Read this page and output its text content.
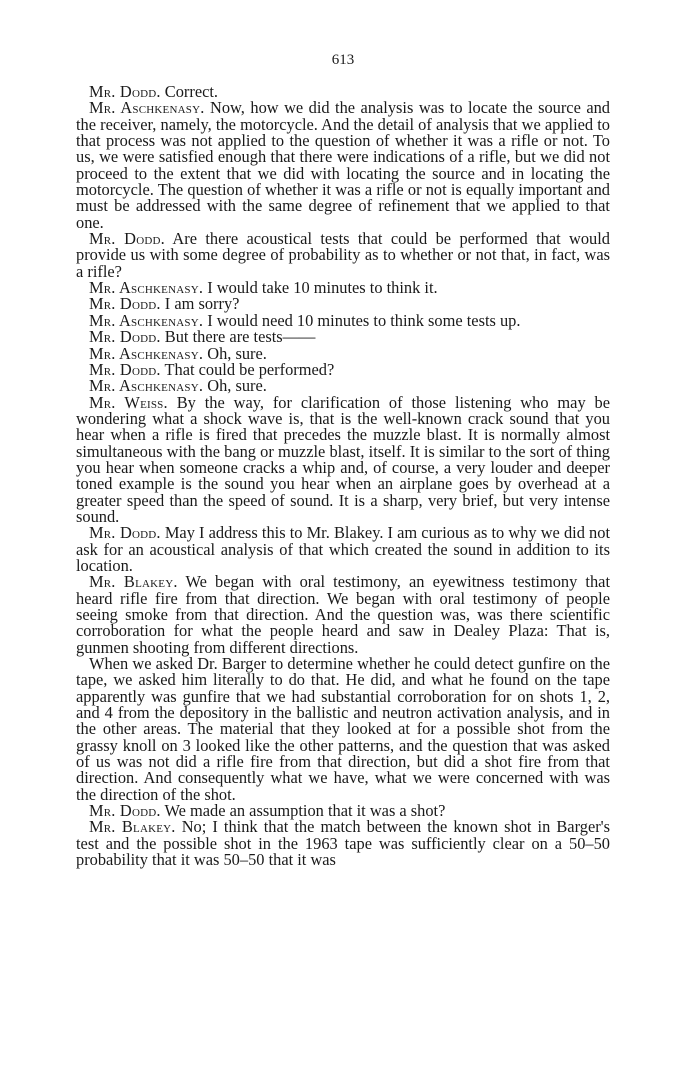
613

Mr. Dodd. Correct.

Mr. Aschkenasy. Now, how we did the analysis was to locate the source and the receiver, namely, the motorcycle. And the detail of analysis that we applied to that process was not applied to the question of whether it was a rifle or not. To us, we were satisfied enough that there were indications of a rifle, but we did not proceed to the extent that we did with locating the source and in locating the motorcycle. The question of whether it was a rifle or not is equally important and must be addressed with the same degree of refinement that we applied to that one.

Mr. Dodd. Are there acoustical tests that could be performed that would provide us with some degree of probability as to whether or not that, in fact, was a rifle?

Mr. Aschkenasy. I would take 10 minutes to think it.

Mr. Dodd. I am sorry?

Mr. Aschkenasy. I would need 10 minutes to think some tests up.

Mr. Dodd. But there are tests——

Mr. Aschkenasy. Oh, sure.

Mr. Dodd. That could be performed?

Mr. Aschkenasy. Oh, sure.

Mr. Weiss. By the way, for clarification of those listening who may be wondering what a shock wave is, that is the well-known crack sound that you hear when a rifle is fired that precedes the muzzle blast. It is normally almost simultaneous with the bang or muzzle blast, itself. It is similar to the sort of thing you hear when someone cracks a whip and, of course, a very louder and deeper toned example is the sound you hear when an airplane goes by overhead at a greater speed than the speed of sound. It is a sharp, very brief, but very intense sound.

Mr. Dodd. May I address this to Mr. Blakey. I am curious as to why we did not ask for an acoustical analysis of that which created the sound in addition to its location.

Mr. Blakey. We began with oral testimony, an eyewitness testimony that heard rifle fire from that direction. We began with oral testimony of people seeing smoke from that direction. And the question was, was there scientific corroboration for what the people heard and saw in Dealey Plaza: That is, gunmen shooting from different directions.

When we asked Dr. Barger to determine whether he could detect gunfire on the tape, we asked him literally to do that. He did, and what he found on the tape apparently was gunfire that we had substantial corroboration for on shots 1, 2, and 4 from the depository in the ballistic and neutron activation analysis, and in the other areas. The material that they looked at for a possible shot from the grassy knoll on 3 looked like the other patterns, and the question that was asked of us was not did a rifle fire from that direction, but did a shot fire from that direction. And consequently what we have, what we were concerned with was the direction of the shot.

Mr. Dodd. We made an assumption that it was a shot?

Mr. Blakey. No; I think that the match between the known shot in Barger's test and the possible shot in the 1963 tape was sufficiently clear on a 50–50 probability that it was 50–50 that it was
